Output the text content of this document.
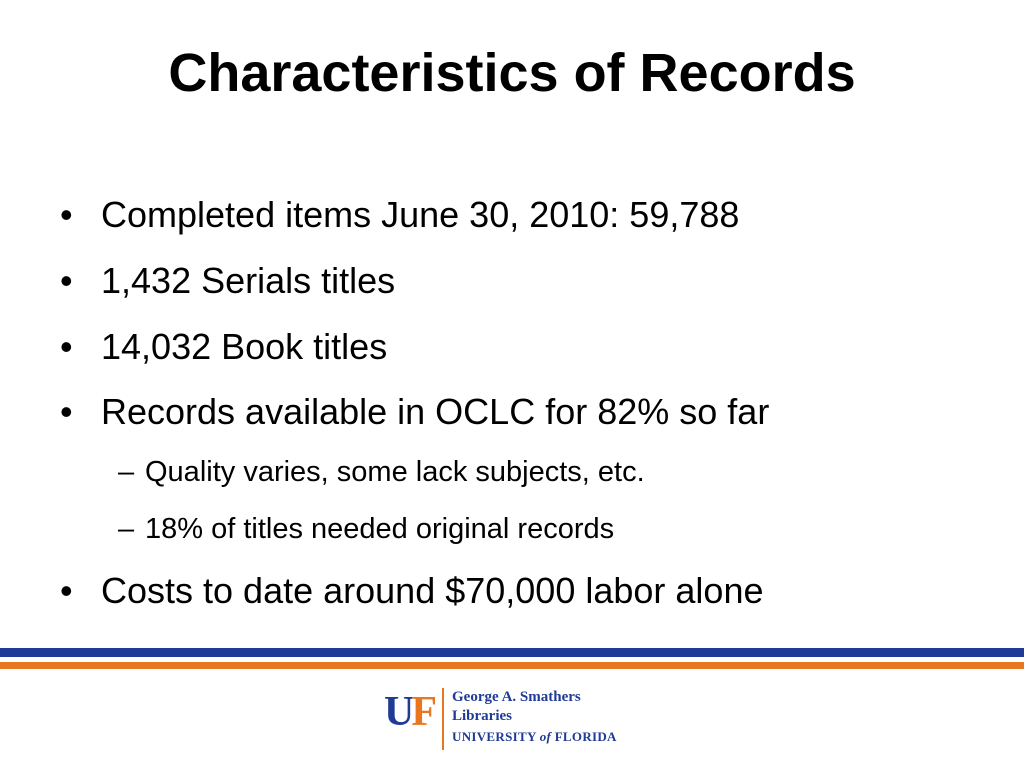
Characteristics of Records
• Completed items June 30, 2010: 59,788
• 1,432 Serials titles
• 14,032 Book titles
• Records available in OCLC for 82% so far
– Quality varies, some lack subjects, etc.
– 18% of titles needed original records
• Costs to date around $70,000 labor alone
UF George A. Smathers
Libraries
UNIVERSITY of FLORIDA
